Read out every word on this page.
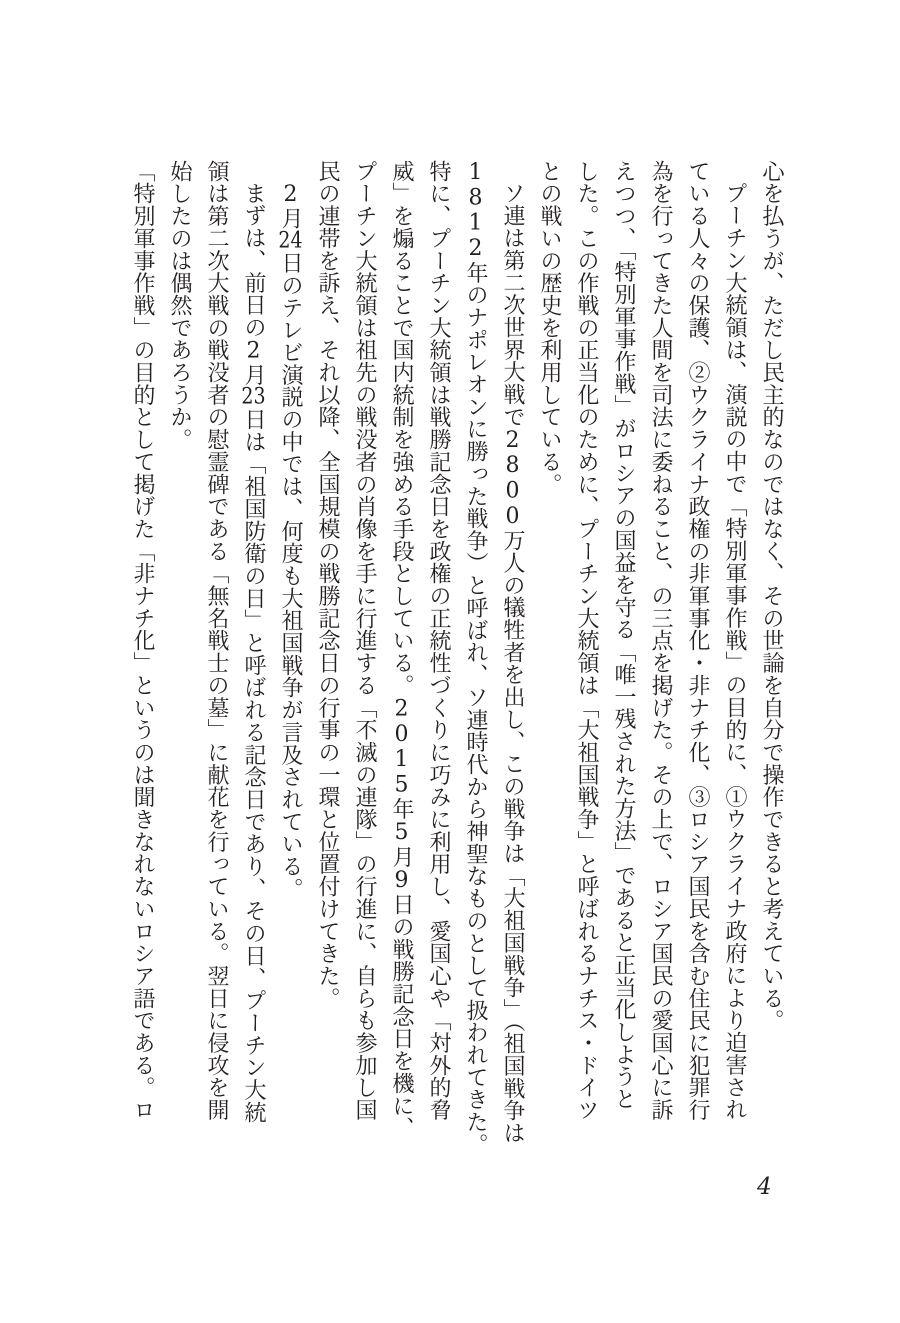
心を払うが、ただし民主的なのではなく、その世論を自分で操作できると考えている。
プーチン大統領は、演説の中で「特別軍事作戦」の目的に、①ウクライナ政府により迫害され
ている人々の保護、②ウクライナ政権の非軍事化・非ナチ化、③ロシア国民を含む住民に犯罪行
為を行ってきた人間を司法に委ねること、の三点を掲げた。その上で、ロシア国民の愛国心に訴
えつつ、「特別軍事作戦」がロシアの国益を守る「唯一残された方法」であると正当化しようと
した。この作戦の正当化のために、プーチン大統領は「大祖国戦争」と呼ばれるナチス・ドイツ
との戦いの歴史を利用している。
ソ連は第二次世界大戦で2800万人の犠牲者を出し、この戦争は「大祖国戦争」（祖国戦争は
1812年のナポレオンに勝った戦争）と呼ばれ、ソ連時代から神聖なものとして扱われてきた。
特に、プーチン大統領は戦勝記念日を政権の正統性づくりに巧みに利用し、愛国心や「対外的脅
威」を煽ることで国内統制を強める手段としている。2015年5月9日の戦勝記念日を機に、
プーチン大統領は祖先の戦没者の肖像を手に行進する「不滅の連隊」の行進に、自らも参加し国
民の連帯を訴え、それ以降、全国規模の戦勝記念日の行事の一環と位置付けてきた。
2月24日のテレビ演説の中では、何度も大祖国戦争が言及されている。
まずは、前日の2月23日は「祖国防衛の日」と呼ばれる記念日であり、その日、プーチン大統
領は第二次大戦の戦没者の慰霊碑である「無名戦士の墓」に献花を行っている。翌日に侵攻を開
始したのは偶然であろうか。
「特別軍事作戦」の目的として掲げた「非ナチ化」というのは聞きなれないロシア語である。ロ
4
